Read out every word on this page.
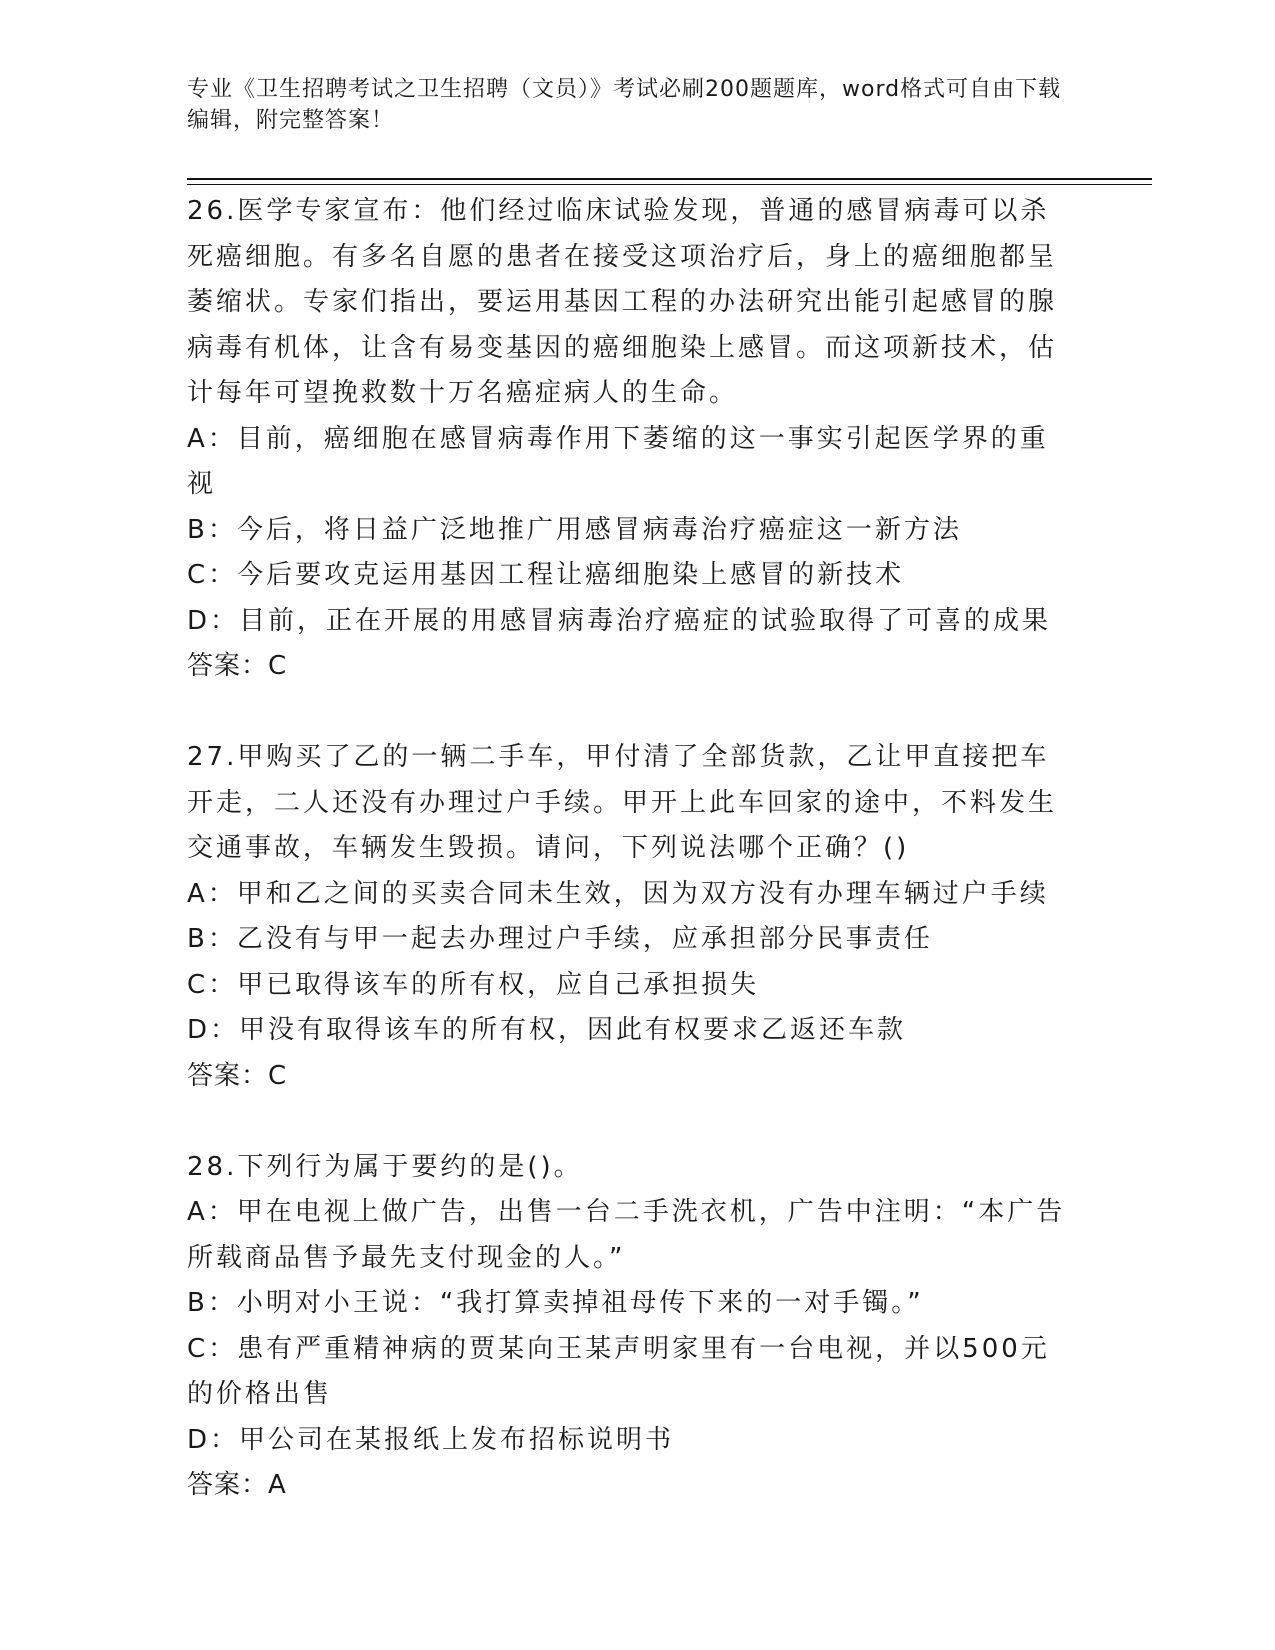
专业《卫生招聘考试之卫生招聘（文员）》考试必刷200题题库，word格式可自由下载编辑，附完整答案！
26.医学专家宣布：他们经过临床试验发现，普通的感冒病毒可以杀死癌细胞。有多名自愿的患者在接受这项治疗后，身上的癌细胞都呈萎缩状。专家们指出，要运用基因工程的办法研究出能引起感冒的腺病毒有机体，让含有易变基因的癌细胞染上感冒。而这项新技术，估计每年可望挽救数十万名癌症病人的生命。
A：目前，癌细胞在感冒病毒作用下萎缩的这一事实引起医学界的重视
B：今后，将日益广泛地推广用感冒病毒治疗癌症这一新方法
C：今后要攻克运用基因工程让癌细胞染上感冒的新技术
D：目前，正在开展的用感冒病毒治疗癌症的试验取得了可喜的成果
答案：C
27.甲购买了乙的一辆二手车，甲付清了全部货款，乙让甲直接把车开走，二人还没有办理过户手续。甲开上此车回家的途中，不料发生交通事故，车辆发生毁损。请问，下列说法哪个正确？()
A：甲和乙之间的买卖合同未生效，因为双方没有办理车辆过户手续
B：乙没有与甲一起去办理过户手续，应承担部分民事责任
C：甲已取得该车的所有权，应自己承担损失
D：甲没有取得该车的所有权，因此有权要求乙返还车款
答案：C
28.下列行为属于要约的是()。
A：甲在电视上做广告，出售一台二手洗衣机，广告中注明：“本广告所载商品售予最先支付现金的人。”
B：小明对小王说：“我打算卖掉祖母传下来的一对手镯。”
C：患有严重精神病的贾某向王某声明家里有一台电视，并以500元的价格出售
D：甲公司在某报纸上发布招标说明书
答案：A
